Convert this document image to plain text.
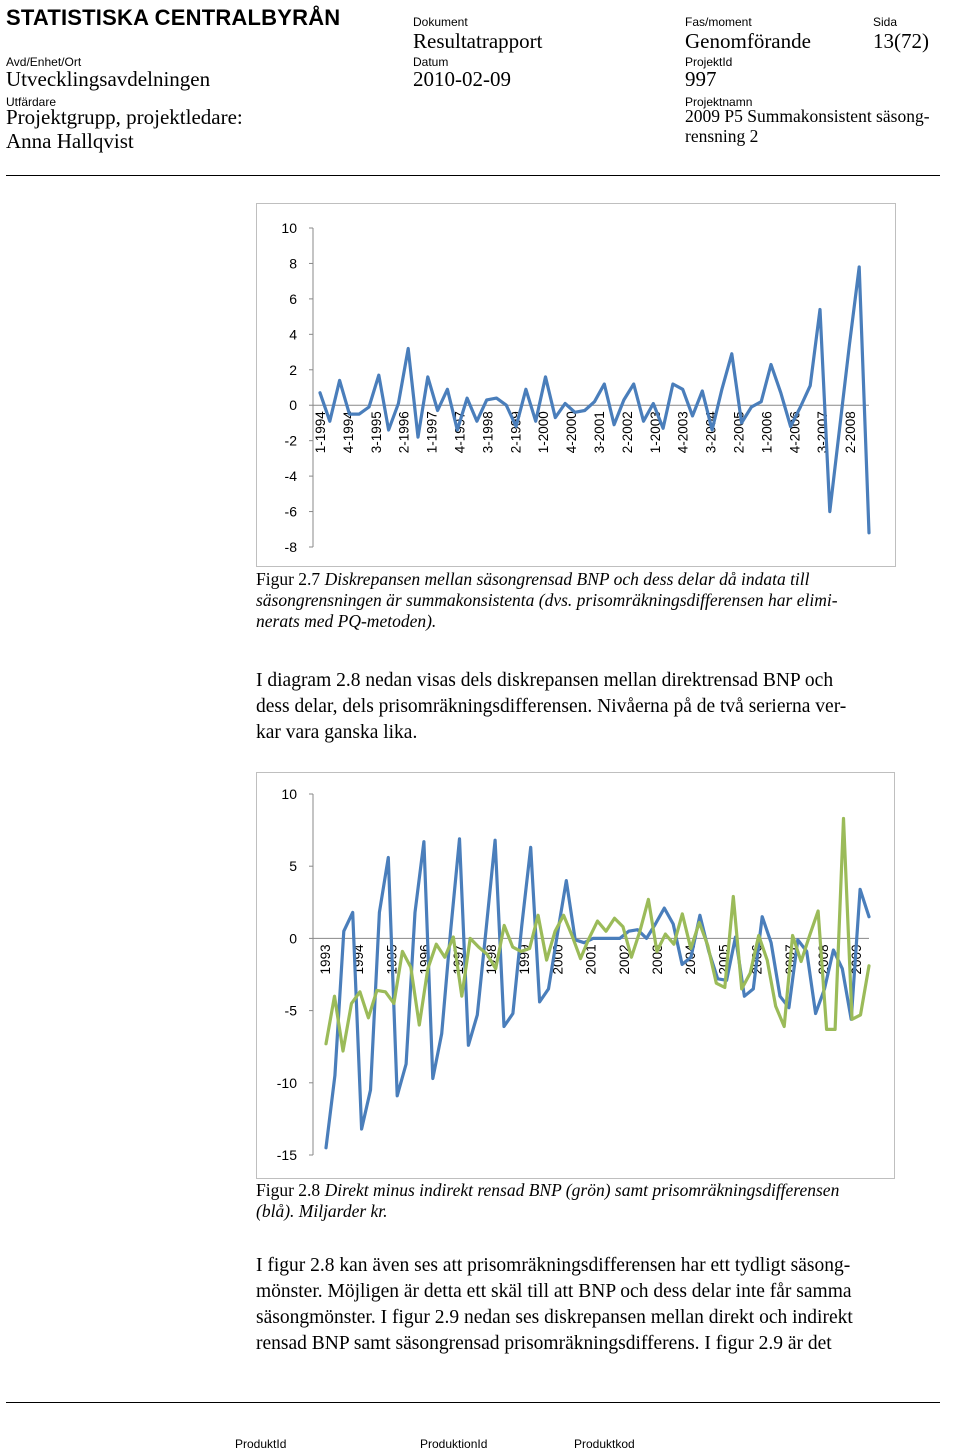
STATISTISKA CENTRALBYRÅN	Dokument
Resultatrapport
Fas/moment
Genomförande
Sida
13(72)
Avd/Enhet/Ort
Utvecklingsavdelningen
Datum
2010-02-09
ProjektId
997
Utfärdare
Projektgrupp, projektledare:
Anna Hallqvist
Projektnamn
2009 P5 Summakonsistent säsong-
rensning 2
10
8
6
4
2
0
-2
-4
-6
-8
1-1994 4-1994 3-1995 2-1996 1-1997 4-1997 3-1998 2-1999 1-2000 4-2000 3-2001 2-2002 1-2003 4-2003 3-2004 2-2005 1-2006 4-2006 3-2007 2-2008
Figur 2.7 Diskrepansen mellan säsongrensad BNP och dess delar då indata till
säsongrensningen är summakonsistenta (dvs. prisomräkningsdifferensen har elimi-
nerats med PQ-metoden).
I diagram 2.8 nedan visas dels diskrepansen mellan direktrensad BNP och
dess delar, dels prisomräkningsdifferensen. Nivåerna på de två serierna ver-
kar vara ganska lika.
10
5
0
-5
-10
-15
1993 1994 1995 1996 1997 1998 1999 2000 2001 2002 2003 2004 2005 2006 2007 2008 2009
Figur 2.8 Direkt minus indirekt rensad BNP (grön) samt prisomräkningsdifferensen
(blå). Miljarder kr.
I figur 2.8 kan även ses att prisomräkningsdifferensen har ett tydligt säsong-
mönster. Möjligen är detta ett skäl till att BNP och dess delar inte får samma
säsongmönster. I figur 2.9 nedan ses diskrepansen mellan direkt och indirekt
rensad BNP samt säsongrensad prisomräkningsdifferens. I figur 2.9 är det
ProduktId	ProduktionId	Produktkod
